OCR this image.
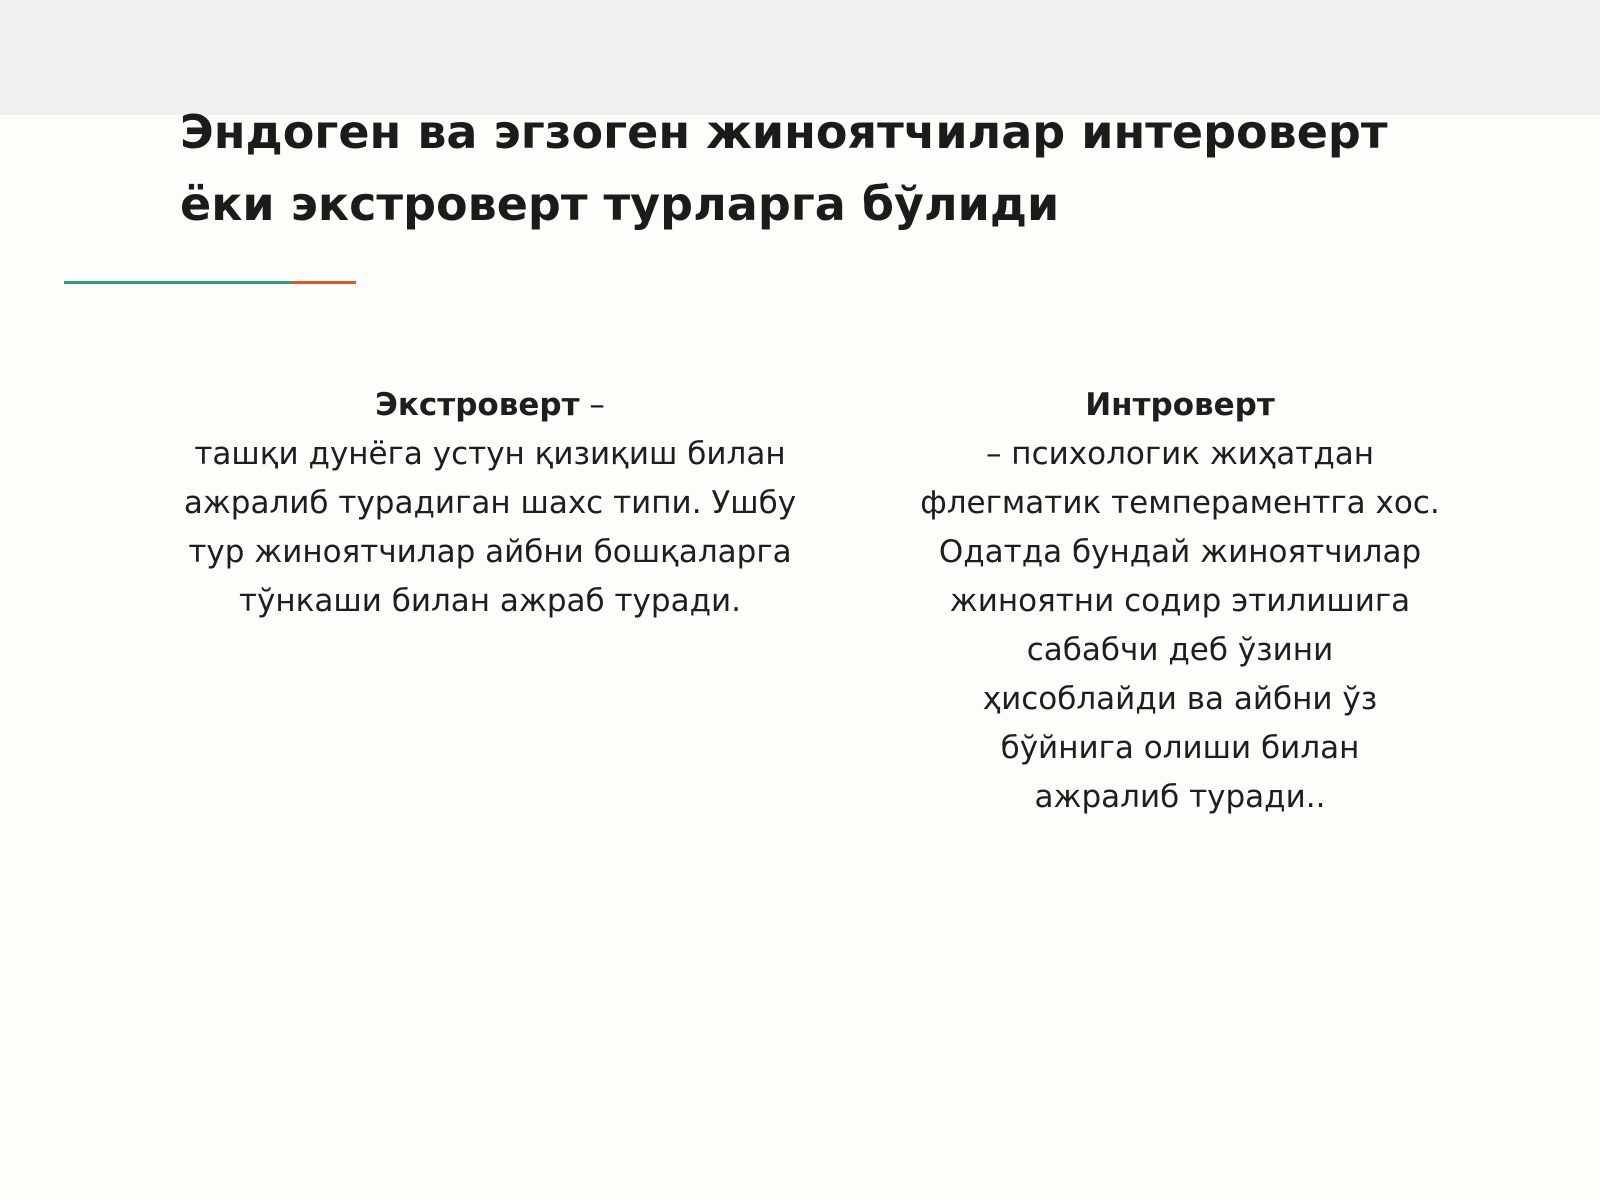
Эндоген ва эгзоген жиноятчилар интероверт
ёки экстроверт турларга бўлиди
Экстроверт –
ташқи дунёга устун қизиқиш билан
ажралиб турадиган шахс типи. Ушбу
тур жиноятчилар айбни бошқаларга
тўнкаши билан ажраб туради.
Интроверт
– психологик жиҳатдан
флегматик темпераментга хос.
Одатда бундай жиноятчилар
жиноятни содир этилишига
сабабчи деб ўзини
ҳисоблайди ва айбни ўз
бўйнига олиши билан
ажралиб туради..
